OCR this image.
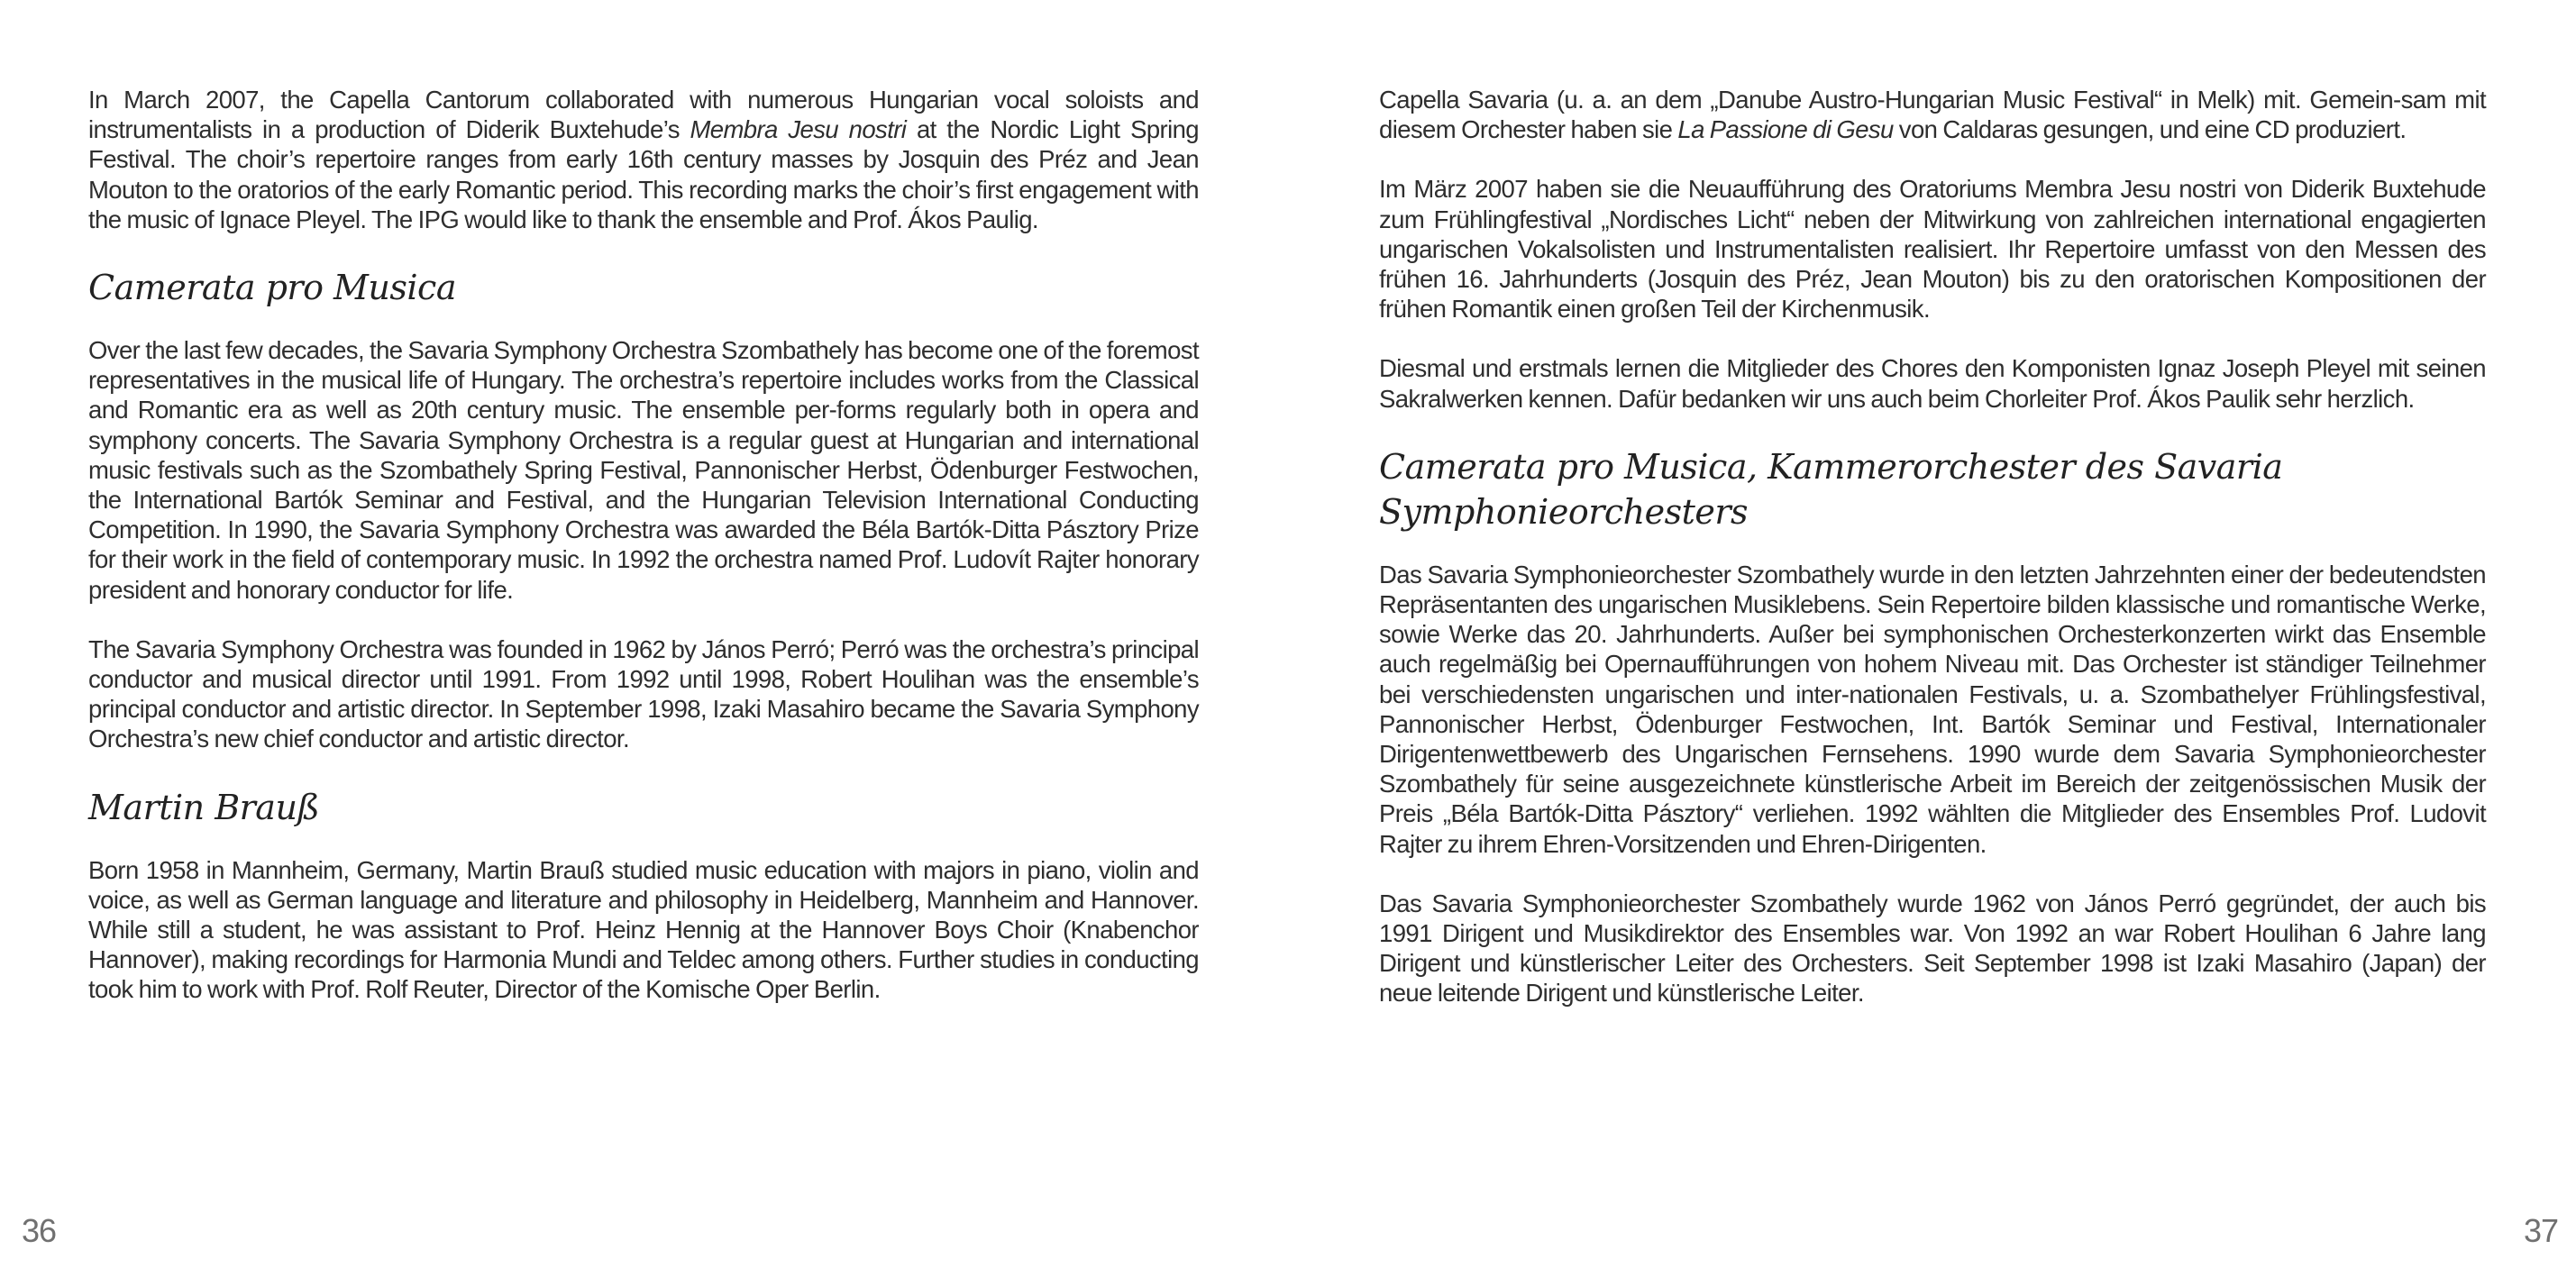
In March 2007, the Capella Cantorum collaborated with numerous Hungarian vocal soloists and instrumentalists in a production of Diderik Buxtehude’s Membra Jesu nostri at the Nordic Light Spring Festival. The choir’s repertoire ranges from early 16th century masses by Josquin des Préz and Jean Mouton to the oratorios of the early Romantic period. This recording marks the choir’s first engagement with the music of Ignace Pleyel. The IPG would like to thank the ensemble and Prof. Ákos Paulig.

Camerata pro Musica

Over the last few decades, the Savaria Symphony Orchestra Szombathely has become one of the foremost representatives in the musical life of Hungary. The orchestra’s repertoire includes works from the Classical and Romantic era as well as 20th century music. The ensemble per-forms regularly both in opera and symphony concerts. The Savaria Symphony Orchestra is a regular guest at Hungarian and international music festivals such as the Szombathely Spring Festival, Pannonischer Herbst, Ödenburger Festwochen, the International Bartók Seminar and Festival, and the Hungarian Television International Conducting Competition. In 1990, the Savaria Symphony Orchestra was awarded the Béla Bartók-Ditta Pásztory Prize for their work in the field of contemporary music. In 1992 the orchestra named Prof. Ludovít Rajter honorary president and honorary conductor for life.

The Savaria Symphony Orchestra was founded in 1962 by János Perró; Perró was the orchestra’s principal conductor and musical director until 1991. From 1992 until 1998, Robert Houlihan was the ensemble’s principal conductor and artistic director. In September 1998, Izaki Masahiro became the Savaria Symphony Orchestra’s new chief conductor and artistic director.

Martin Brauß

Born 1958 in Mannheim, Germany, Martin Brauß studied music education with majors in piano, violin and voice, as well as German language and literature and philosophy in Heidelberg, Mannheim and Hannover. While still a student, he was assistant to Prof. Heinz Hennig at the Hannover Boys Choir (Knabenchor Hannover), making recordings for Harmonia Mundi and Teldec among others. Further studies in conducting took him to work with Prof. Rolf Reuter, Director of the Komische Oper Berlin.

36

Capella Savaria (u. a. an dem „Danube Austro-Hungarian Music Festival“ in Melk) mit. Gemein-sam mit diesem Orchester haben sie La Passione di Gesu von Caldaras gesungen, und eine CD produziert.

Im März 2007 haben sie die Neuaufführung des Oratoriums Membra Jesu nostri von Diderik Buxtehude zum Frühlingfestival „Nordisches Licht“ neben der Mitwirkung von zahlreichen international engagierten ungarischen Vokalsolisten und Instrumentalisten realisiert. Ihr Repertoire umfasst von den Messen des frühen 16. Jahrhunderts (Josquin des Préz, Jean Mouton) bis zu den oratorischen Kompositionen der frühen Romantik einen großen Teil der Kirchenmusik.

Diesmal und erstmals lernen die Mitglieder des Chores den Komponisten Ignaz Joseph Pleyel mit seinen Sakralwerken kennen. Dafür bedanken wir uns auch beim Chorleiter Prof. Ákos Paulik sehr herzlich.

Camerata pro Musica, Kammerorchester des Savaria Symphonieorchesters

Das Savaria Symphonieorchester Szombathely wurde in den letzten Jahrzehnten einer der bedeutendsten Repräsentanten des ungarischen Musiklebens. Sein Repertoire bilden klassische und romantische Werke, sowie Werke das 20. Jahrhunderts. Außer bei symphonischen Orchesterkonzerten wirkt das Ensemble auch regelmäßig bei Opernaufführungen von hohem Niveau mit. Das Orchester ist ständiger Teilnehmer bei verschiedensten ungarischen und inter-nationalen Festivals, u. a. Szombathelyer Frühlingsfestival, Pannonischer Herbst, Ödenburger Festwochen, Int. Bartók Seminar und Festival, Internationaler Dirigentenwettbewerb des Ungarischen Fernsehens. 1990 wurde dem Savaria Symphonieorchester Szombathely für seine ausgezeichnete künstlerische Arbeit im Bereich der zeitgenössischen Musik der Preis „Béla Bartók-Ditta Pásztory“ verliehen. 1992 wählten die Mitglieder des Ensembles Prof. Ludovit Rajter zu ihrem Ehren-Vorsitzenden und Ehren-Dirigenten.

Das Savaria Symphonieorchester Szombathely wurde 1962 von János Perró gegründet, der auch bis 1991 Dirigent und Musikdirektor des Ensembles war. Von 1992 an war Robert Houlihan 6 Jahre lang Dirigent und künstlerischer Leiter des Orchesters. Seit September 1998 ist Izaki Masahiro (Japan) der neue leitende Dirigent und künstlerische Leiter.

37
